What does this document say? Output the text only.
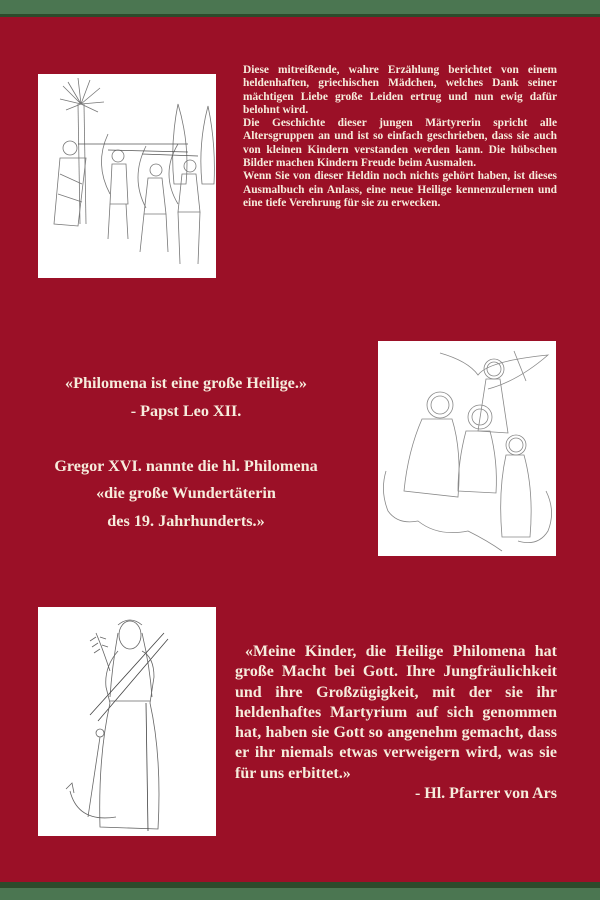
Diese mitreißende, wahre Erzählung berichtet von einem heldenhaften, griechischen Mädchen, welches Dank seiner mächtigen Liebe große Leiden ertrug und nun ewig dafür belohnt wird.

Die Geschichte dieser jungen Märtyrerin spricht alle Altersgruppen an und ist so einfach geschrieben, dass sie auch von kleinen Kindern verstanden werden kann. Die hübschen Bilder machen Kindern Freude beim Ausmalen.

Wenn Sie von dieser Heldin noch nichts gehört haben, ist dieses Ausmalbuch ein Anlass, eine neue Heilige kennenzulernen und eine tiefe Verehrung für sie zu erwecken.

«Philomena ist eine große Heilige.»

- Papst Leo XII.

Gregor XVI. nannte die hl. Philomena

«die große Wundertäterin

des 19. Jahrhunderts.»

«Meine Kinder, die Heilige Philomena hat große Macht bei Gott. Ihre Jungfräulichkeit und ihre Großzügigkeit, mit der sie ihr heldenhaftes Martyrium auf sich genommen hat, haben sie Gott so angenehm gemacht, dass er ihr niemals etwas verweigern wird, was sie für uns erbittet.»

- Hl. Pfarrer von Ars
